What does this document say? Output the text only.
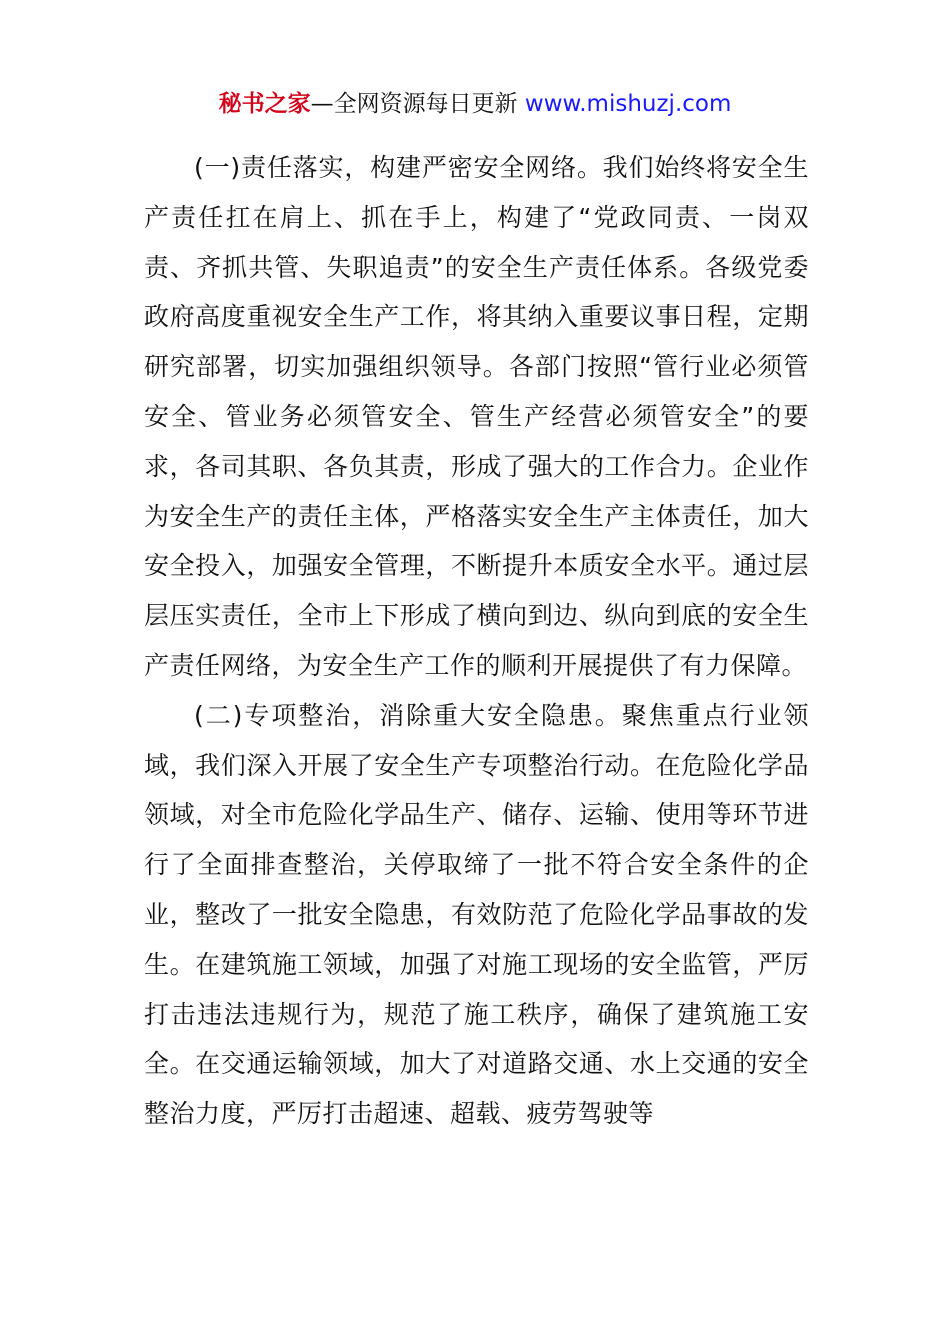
秘书之家—全网资源每日更新 www.mishuzj.com

(一)责任落实，构建严密安全网络。我们始终将安全生产责任扛在肩上、抓在手上，构建了“党政同责、一岗双责、齐抓共管、失职追责”的安全生产责任体系。各级党委政府高度重视安全生产工作，将其纳入重要议事日程，定期研究部署，切实加强组织领导。各部门按照“管行业必须管安全、管业务必须管安全、管生产经营必须管安全”的要求，各司其职、各负其责，形成了强大的工作合力。企业作为安全生产的责任主体，严格落实安全生产主体责任，加大安全投入，加强安全管理，不断提升本质安全水平。通过层层压实责任，全市上下形成了横向到边、纵向到底的安全生产责任网络，为安全生产工作的顺利开展提供了有力保障。

(二)专项整治，消除重大安全隐患。聚焦重点行业领域，我们深入开展了安全生产专项整治行动。在危险化学品领域，对全市危险化学品生产、储存、运输、使用等环节进行了全面排查整治，关停取缔了一批不符合安全条件的企业，整改了一批安全隐患，有效防范了危险化学品事故的发生。在建筑施工领域，加强了对施工现场的安全监管，严厉打击违法违规行为，规范了施工秩序，确保了建筑施工安全。在交通运输领域，加大了对道路交通、水上交通的安全整治力度，严厉打击超速、超载、疲劳驾驶等
